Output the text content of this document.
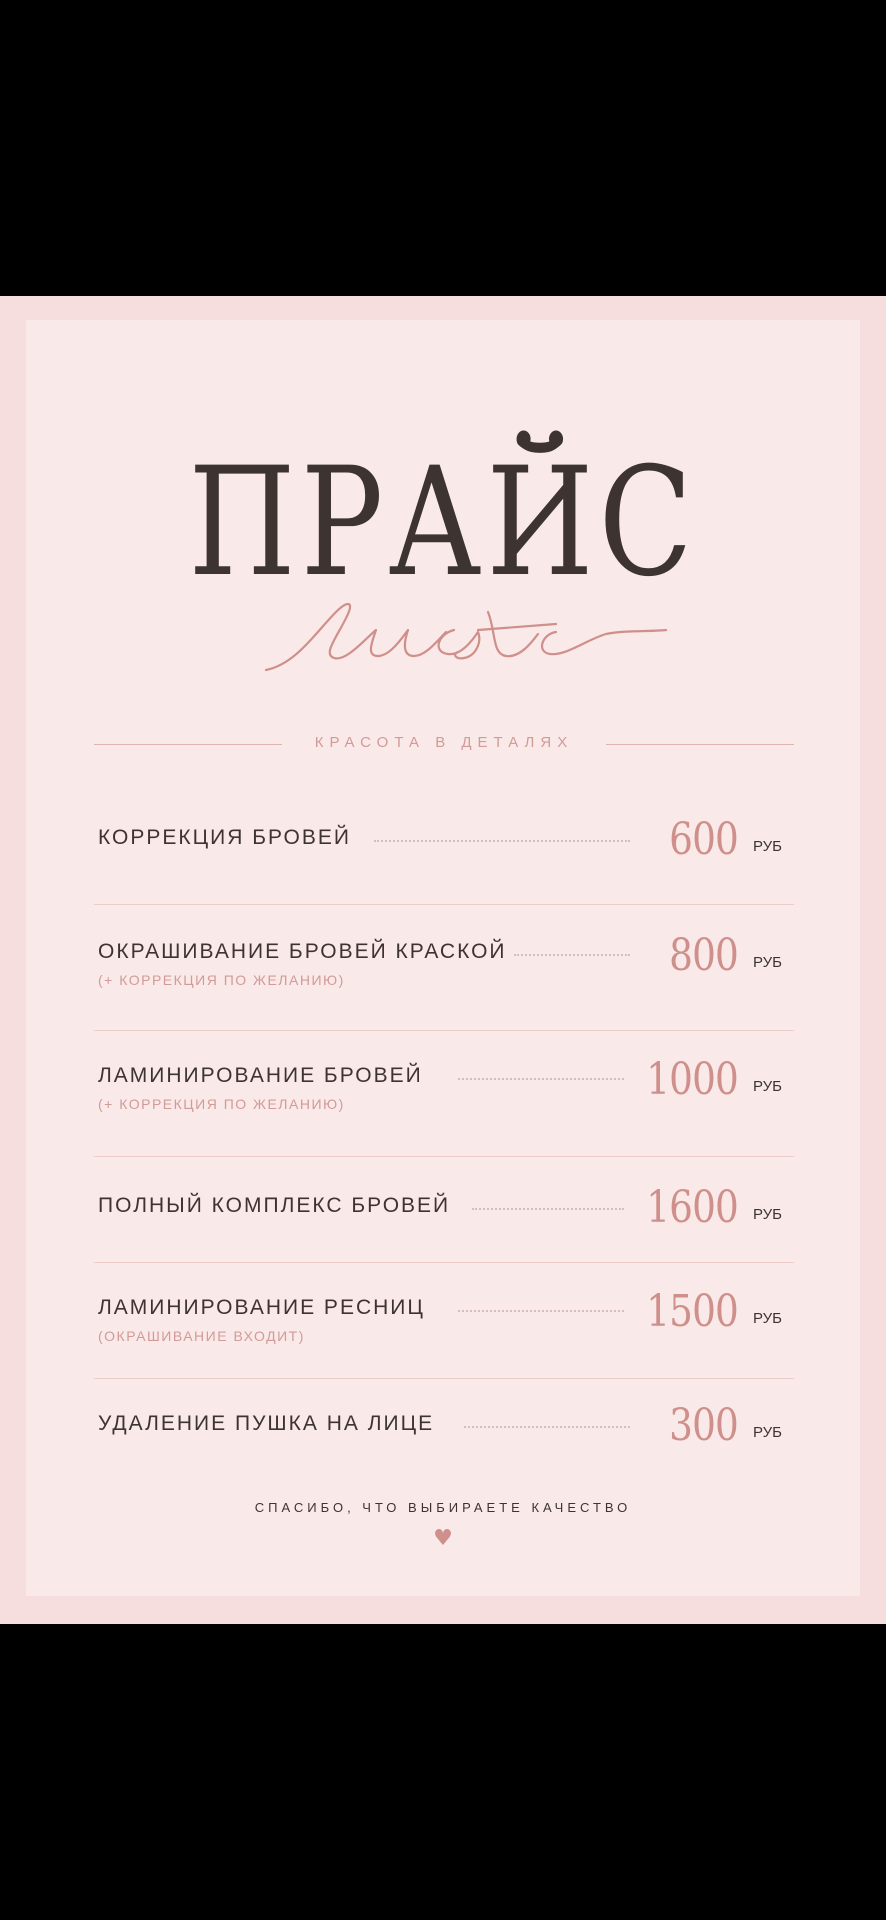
ПРАЙС
КРАСОТА В ДЕТАЛЯХ
КОРРЕКЦИЯ БРОВЕЙ	600 РУБ
ОКРАШИВАНИЕ БРОВЕЙ КРАСКОЙ
(+ КОРРЕКЦИЯ ПО ЖЕЛАНИЮ)	800 РУБ
ЛАМИНИРОВАНИЕ БРОВЕЙ
(+ КОРРЕКЦИЯ ПО ЖЕЛАНИЮ)	1000 РУБ
ПОЛНЫЙ КОМПЛЕКС БРОВЕЙ	1600 РУБ
ЛАМИНИРОВАНИЕ РЕСНИЦ
(ОКРАШИВАНИЕ ВХОДИТ)	1500 РУБ
УДАЛЕНИЕ ПУШКА НА ЛИЦЕ	300 РУБ
СПАСИБО, ЧТО ВЫБИРАЕТЕ КАЧЕСТВО
♥
